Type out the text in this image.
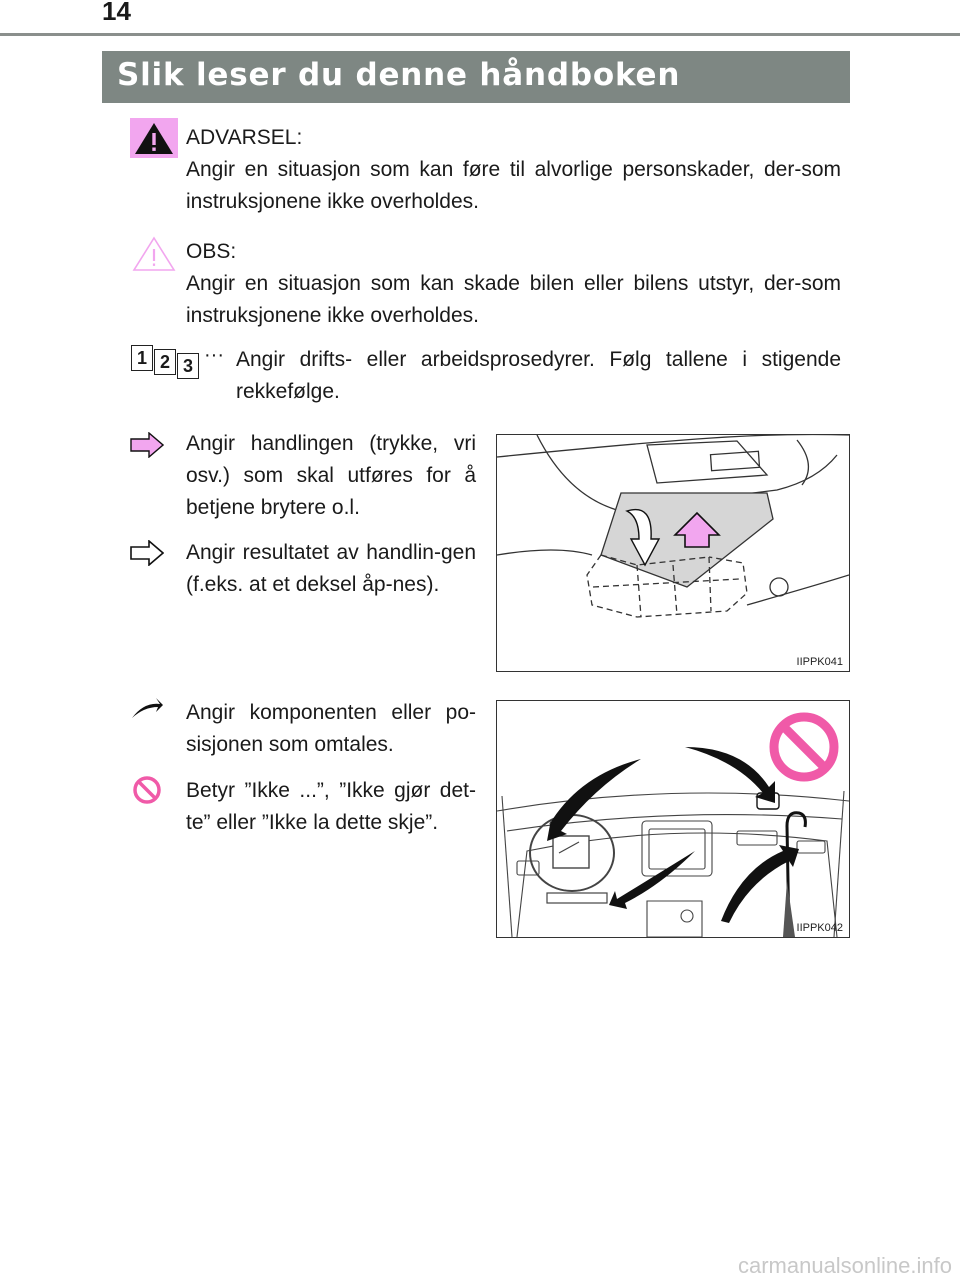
14
Slik leser du denne håndboken
ADVARSEL:
Angir en situasjon som kan føre til alvorlige personskader, der-som instruksjonene ikke overholdes.
OBS:
Angir en situasjon som kan skade bilen eller bilens utstyr, der-som instruksjonene ikke overholdes.
1 2 3 ··· Angir drifts- eller arbeidsprosedyrer. Følg tallene i stigende rekkefølge.
Angir handlingen (trykke, vri osv.) som skal utføres for å betjene brytere o.l.
Angir resultatet av handlin-gen (f.eks. at et deksel åp-nes).
IIPPK041
Angir komponenten eller po-sisjonen som omtales.
Betyr ”Ikke ...”, ”Ikke gjør det-te” eller ”Ikke la dette skje”.
IIPPK042
carmanualsonline.info
